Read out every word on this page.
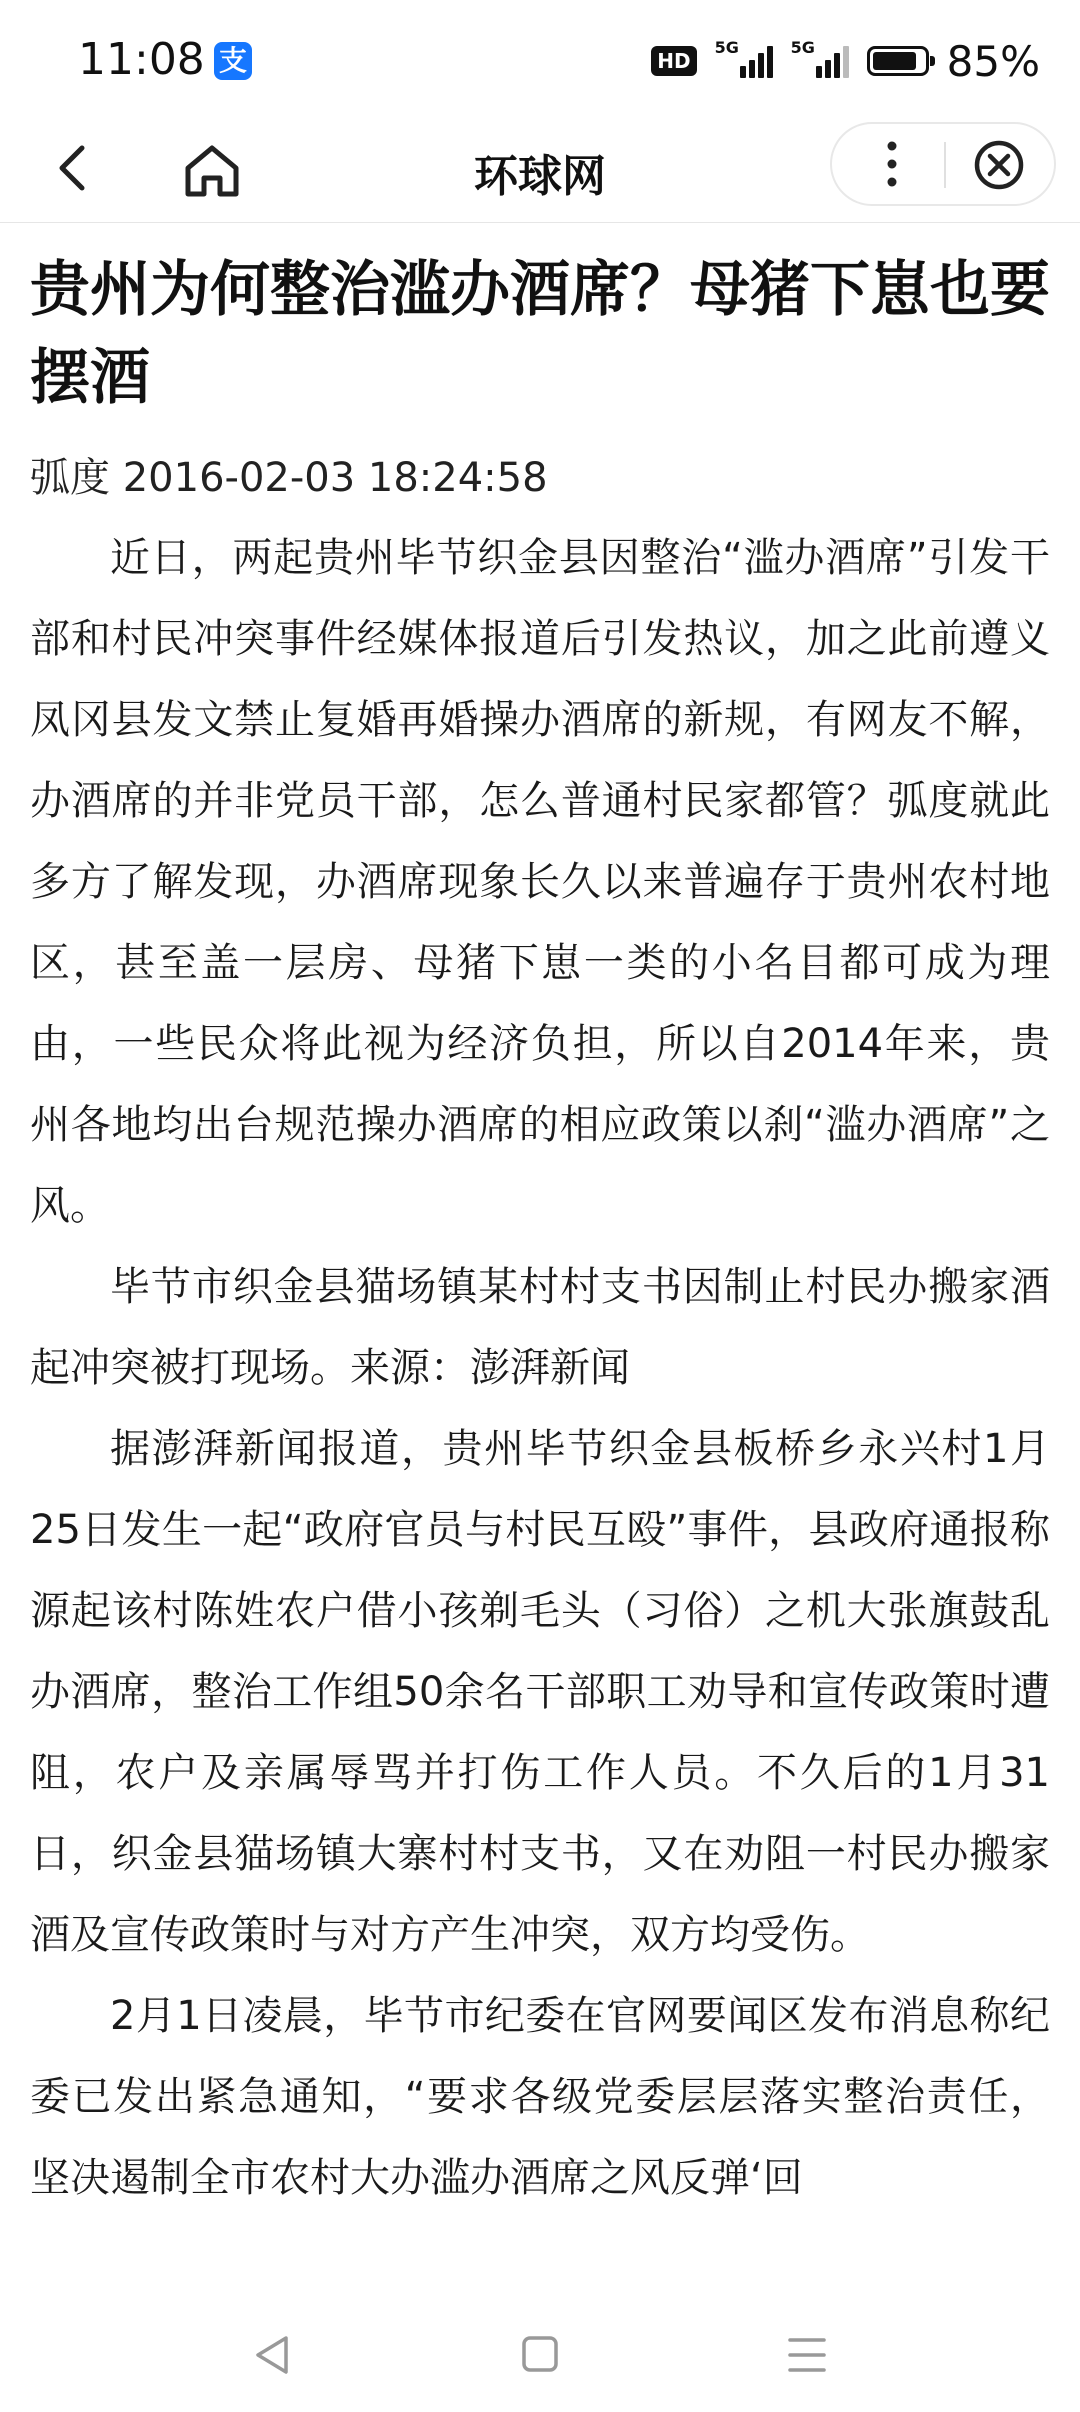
11:08 支	HD
5G	5G	85%
环球网
贵州为何整治滥办酒席？母猪下崽也要摆酒
弧度 2016-02-03 18:24:58

近日，两起贵州毕节织金县因整治“滥办酒席”引发干部和村民冲突事件经媒体报道后引发热议，加之此前遵义凤冈县发文禁止复婚再婚操办酒席的新规，有网友不解，办酒席的并非党员干部，怎么普通村民家都管？弧度就此多方了解发现，办酒席现象长久以来普遍存于贵州农村地区，甚至盖一层房、母猪下崽一类的小名目都可成为理由，一些民众将此视为经济负担，所以自2014年来，贵州各地均出台规范操办酒席的相应政策以刹“滥办酒席”之风。

毕节市织金县猫场镇某村村支书因制止村民办搬家酒起冲突被打现场。来源：澎湃新闻

据澎湃新闻报道，贵州毕节织金县板桥乡永兴村1月25日发生一起“政府官员与村民互殴”事件，县政府通报称源起该村陈姓农户借小孩剃毛头（习俗）之机大张旗鼓乱办酒席，整治工作组50余名干部职工劝导和宣传政策时遭阻，农户及亲属辱骂并打伤工作人员。不久后的1月31日，织金县猫场镇大寨村村支书，又在劝阻一村民办搬家酒及宣传政策时与对方产生冲突，双方均受伤。

2月1日凌晨，毕节市纪委在官网要闻区发布消息称纪委已发出紧急通知，“要求各级党委层层落实整治责任，坚决遏制全市农村大办滥办酒席之风反弹‘回
